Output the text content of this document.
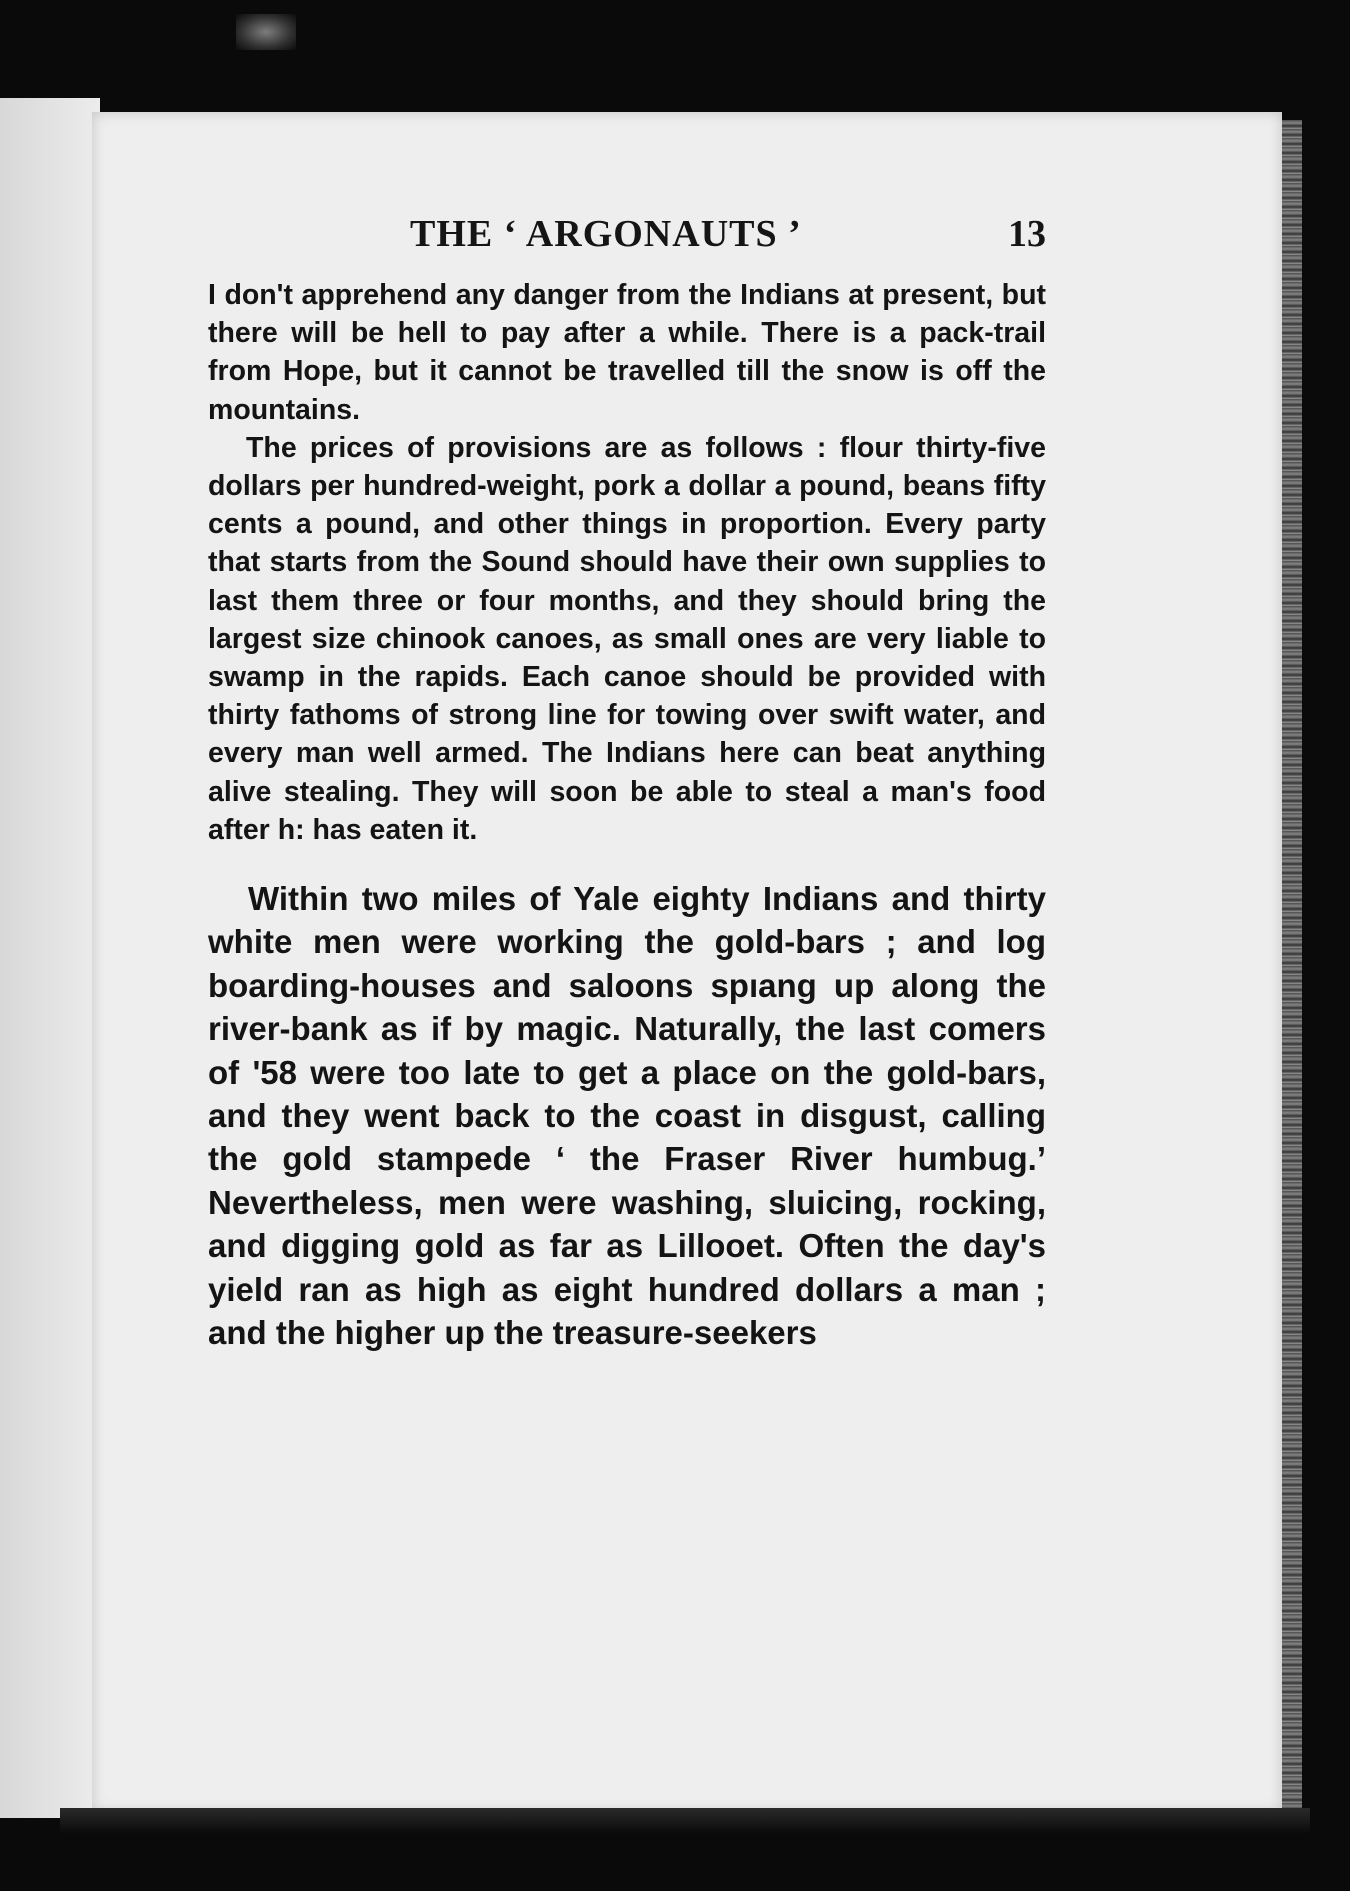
THE ‘ ARGONAUTS ’	13

I don't apprehend any danger from the Indians at present, but there will be hell to pay after a while. There is a pack-trail from Hope, but it cannot be travelled till the snow is off the mountains.

The prices of provisions are as follows : flour thirty-five dollars per hundred-weight, pork a dollar a pound, beans fifty cents a pound, and other things in proportion. Every party that starts from the Sound should have their own supplies to last them three or four months, and they should bring the largest size chinook canoes, as small ones are very liable to swamp in the rapids. Each canoe should be provided with thirty fathoms of strong line for towing over swift water, and every man well armed. The Indians here can beat anything alive stealing. They will soon be able to steal a man's food after h: has eaten it.

Within two miles of Yale eighty Indians and thirty white men were working the gold-bars ; and log boarding-houses and saloons spıang up along the river-bank as if by magic. Naturally, the last comers of '58 were too late to get a place on the gold-bars, and they went back to the coast in disgust, calling the gold stampede ‘ the Fraser River humbug.’ Nevertheless, men were washing, sluicing, rocking, and digging gold as far as Lillooet. Often the day's yield ran as high as eight hundred dollars a man ; and the higher up the treasure-seekers
